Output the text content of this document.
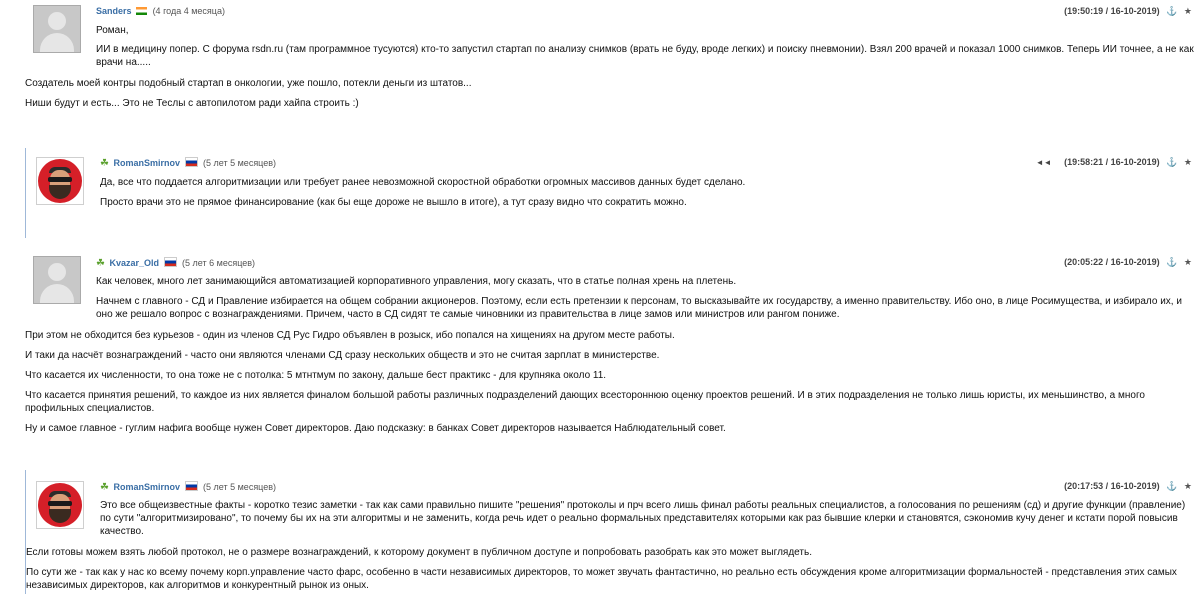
Sanders (4 года 4 месяца)	(19:50:19 / 16-10-2019) ⚓ ★

Роман,

ИИ в медицину попер. С форума rsdn.ru (там программное тусуются) кто-то запустил стартап по анализу снимков (врать не буду, вроде легких) и поиску пневмонии). Взял 200 врачей и показал 1000 снимков. Теперь ИИ точнее, а не как врачи на.....

Создатель моей контры подобный стартап в онкологии, уже пошло, потекли деньги из штатов...

Ниши будут и есть... Это не Теслы с автопилотом ради хайпа строить :)

☘ RomanSmirnov	(5 лет 5 месяцев)	◄◄ (19:58:21 / 16-10-2019) ⚓ ★

Да, все что поддается алгоритмизации или требует ранее невозможной скоростной обработки огромных массивов данных будет сделано.

Просто врачи это не прямое финансирование (как бы еще дороже не вышло в итоге), а тут сразу видно что сократить можно.

☘ Kvazar_Old	(5 лет 6 месяцев)	(20:05:22 / 16-10-2019) ⚓ ★

Как человек, много лет занимающийся автоматизацией корпоративного управления, могу сказать, что в статье полная хрень на плетень.

Начнем с главного - СД и Правление избирается на общем собрании акционеров. Поэтому, если есть претензии к персонам, то высказывайте их государству, а именно правительству. Ибо оно, в лице Росимущества, и избирало их, и оно же решало вопрос с вознаграждениями. Причем, часто в СД сидят те самые чиновники из правительства в лице замов или министров или рангом пониже.

При этом не обходится без курьезов - один из членов СД Рус Гидро объявлен в розыск, ибо попался на хищениях на другом месте работы.

И таки да насчёт вознаграждений - часто они являются членами СД сразу нескольких обществ и это не считая зарплат в министерстве.

Что касается их численности, то она тоже не с потолка: 5 мтнтмум по закону, дальше бест практикс - для крупняка около 11.

Что касается принятия решений, то каждое из них является финалом большой работы различных подразделений дающих всестороннюю оценку проектов решений. И в этих подразделения не только лишь юристы, их меньшинство, а много профильных специалистов.

Ну и самое главное - гуглим нафига вообще нужен Совет директоров. Даю подсказку: в банках Совет директоров называется Наблюдательный совет.

☘ RomanSmirnov	(5 лет 5 месяцев)	(20:17:53 / 16-10-2019) ⚓ ★

Это все общеизвестные факты - коротко тезис заметки - так как сами правильно пишите "решения" протоколы и прч всего лишь финал работы реальных специалистов, а голосования по решениям (сд) и другие функции (правление) по сути "алгоритмизировано", то почему бы их на эти алгоритмы и не заменить, когда речь идет о реально формальных представителях которыми как раз бывшие клерки и становятся, сэкономив кучу денег и кстати порой повысив качество.

Если готовы можем взять любой протокол, не о размере вознаграждений, к которому документ в публичном доступе и попробовать разобрать как это может выглядеть.

По сути же - так как у нас ко всему почему корп.управление часто фарс, особенно в части независимых директоров, то может звучать фантастично, но реально есть обсуждения кроме алгоритмизации формальностей - представления этих самых независимых директоров, как алгоритмов и конкурентный рынок из оных.
